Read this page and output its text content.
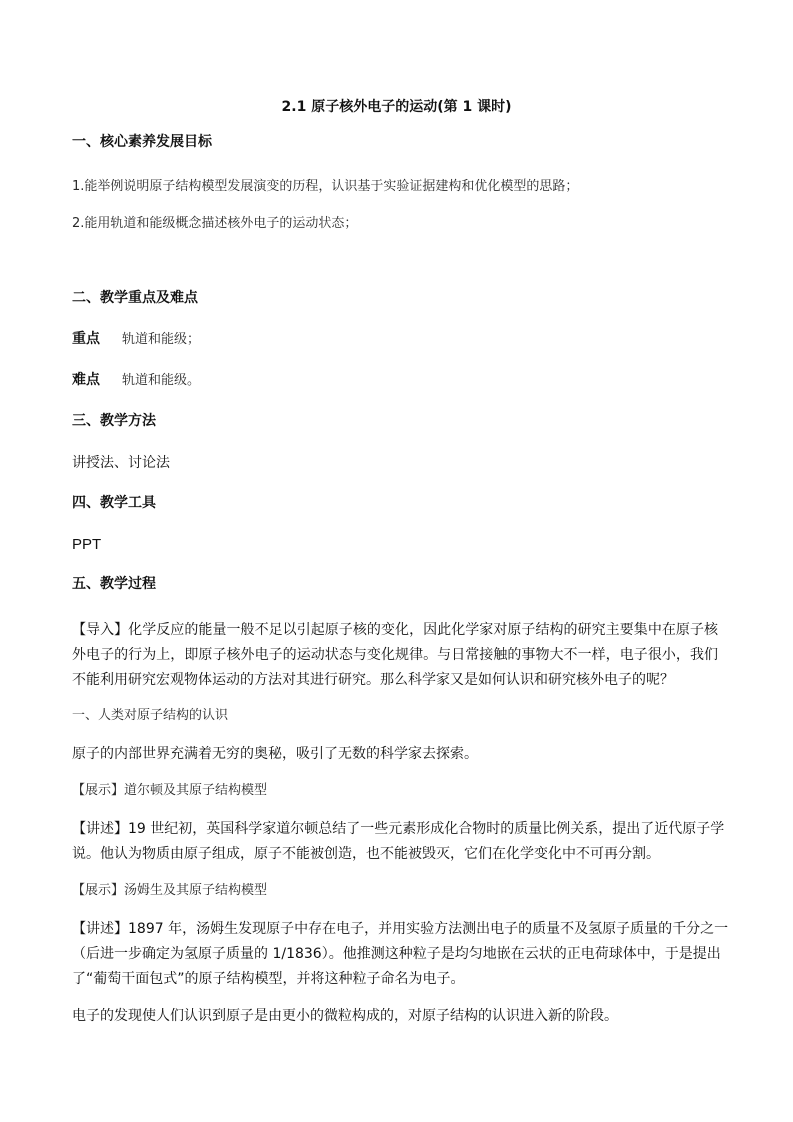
2.1 原子核外电子的运动(第 1 课时)
一、核心素养发展目标
1.能举例说明原子结构模型发展演变的历程，认识基于实验证据建构和优化模型的思路；
2.能用轨道和能级概念描述核外电子的运动状态；
二、教学重点及难点
重点 轨道和能级；
难点 轨道和能级。
三、教学方法
讲授法、讨论法
四、教学工具
PPT
五、教学过程
【导入】化学反应的能量一般不足以引起原子核的变化，因此化学家对原子结构的研究主要集中在原子核
外电子的行为上，即原子核外电子的运动状态与变化规律。与日常接触的事物大不一样，电子很小，我们
不能利用研究宏观物体运动的方法对其进行研究。那么科学家又是如何认识和研究核外电子的呢？
一、人类对原子结构的认识
原子的内部世界充满着无穷的奥秘，吸引了无数的科学家去探索。
【展示】道尔顿及其原子结构模型
【讲述】19 世纪初，英国科学家道尔顿总结了一些元素形成化合物时的质量比例关系，提出了近代原子学
说。他认为物质由原子组成，原子不能被创造，也不能被毁灭，它们在化学变化中不可再分割。
【展示】汤姆生及其原子结构模型
【讲述】1897 年，汤姆生发现原子中存在电子，并用实验方法测出电子的质量不及氢原子质量的千分之一
（后进一步确定为氢原子质量的 1/1836）。他推测这种粒子是均匀地嵌在云状的正电荷球体中，于是提出
了“葡萄干面包式”的原子结构模型，并将这种粒子命名为电子。
电子的发现使人们认识到原子是由更小的微粒构成的，对原子结构的认识进入新的阶段。
